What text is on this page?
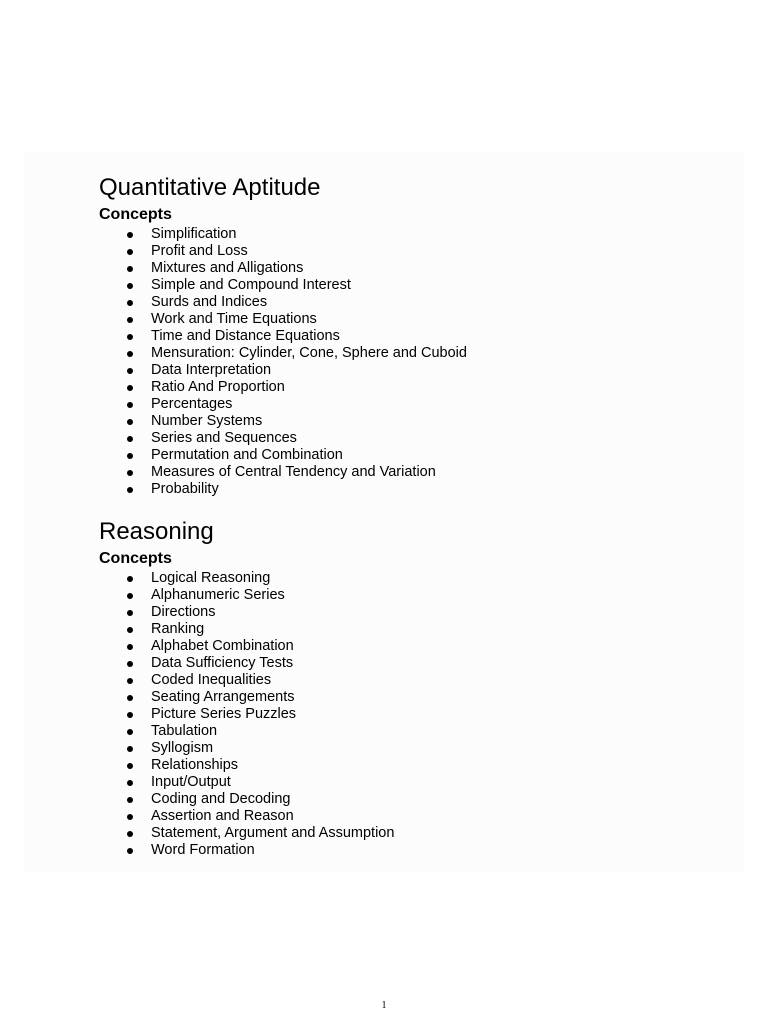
Quantitative Aptitude
Concepts
Simplification
Profit and Loss
Mixtures and Alligations
Simple and Compound Interest
Surds and Indices
Work and Time Equations
Time and Distance Equations
Mensuration: Cylinder, Cone, Sphere and Cuboid
Data Interpretation
Ratio And Proportion
Percentages
Number Systems
Series and Sequences
Permutation and Combination
Measures of Central Tendency and Variation
Probability
Reasoning
Concepts
Logical Reasoning
Alphanumeric Series
Directions
Ranking
Alphabet Combination
Data Sufficiency Tests
Coded Inequalities
Seating Arrangements
Picture Series Puzzles
Tabulation
Syllogism
Relationships
Input/Output
Coding and Decoding
Assertion and Reason
Statement, Argument and Assumption
Word Formation
1
